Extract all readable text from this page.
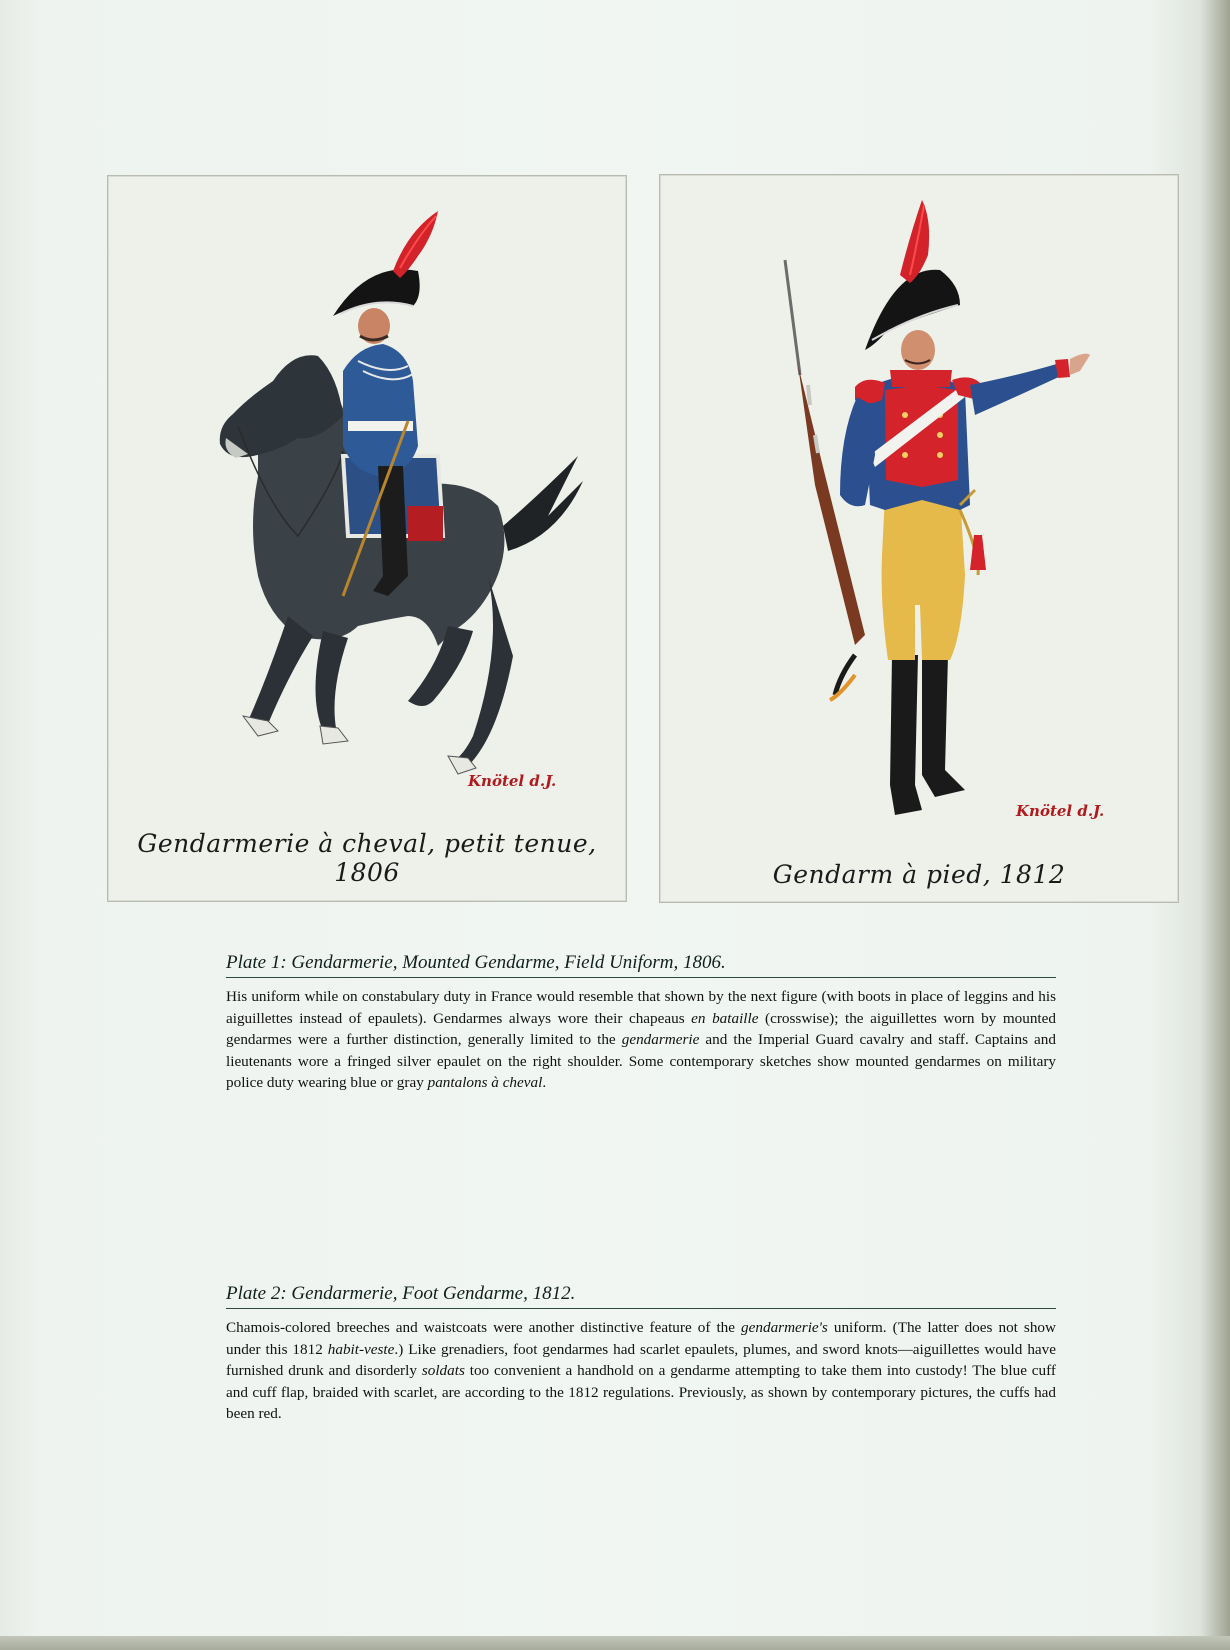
Knötel d.J.
Gendarmerie à cheval, petit tenue, 1806
Knötel d.J.
Gendarm à pied, 1812
Plate 1: Gendarmerie, Mounted Gendarme, Field Uniform, 1806.

His uniform while on constabulary duty in France would resemble that shown by the next figure (with boots in place of leggins and his aiguillettes instead of epaulets). Gendarmes always wore their chapeaus en bataille (crosswise); the aiguillettes worn by mounted gendarmes were a further distinction, generally limited to the gendarmerie and the Imperial Guard cavalry and staff. Captains and lieutenants wore a fringed silver epaulet on the right shoulder. Some contemporary sketches show mounted gendarmes on military police duty wearing blue or gray pantalons à cheval.

Plate 2: Gendarmerie, Foot Gendarme, 1812.

Chamois-colored breeches and waistcoats were another distinctive feature of the gendarmerie's uniform. (The latter does not show under this 1812 habit-veste.) Like grenadiers, foot gendarmes had scarlet epaulets, plumes, and sword knots—aiguillettes would have furnished drunk and disorderly soldats too convenient a handhold on a gendarme attempting to take them into custody! The blue cuff and cuff flap, braided with scarlet, are according to the 1812 regulations. Previously, as shown by contemporary pictures, the cuffs had been red.
